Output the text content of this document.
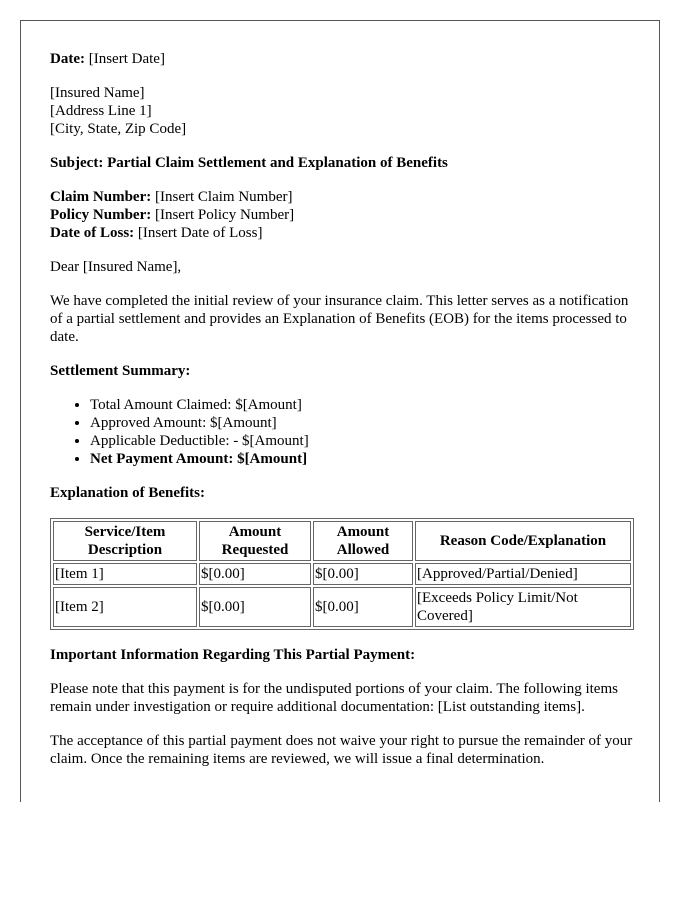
Date: [Insert Date]

[Insured Name]
[Address Line 1]
[City, State, Zip Code]

Subject: Partial Claim Settlement and Explanation of Benefits

Claim Number: [Insert Claim Number]
Policy Number: [Insert Policy Number]
Date of Loss: [Insert Date of Loss]

Dear [Insured Name],

We have completed the initial review of your insurance claim. This letter serves as a notification of a partial settlement and provides an Explanation of Benefits (EOB) for the items processed to date.

Settlement Summary:

• Total Amount Claimed: $[Amount]
• Approved Amount: $[Amount]
• Applicable Deductible: - $[Amount]
• Net Payment Amount: $[Amount]

Explanation of Benefits:

Service/Item Description	Amount Requested	Amount Allowed	Reason Code/Explanation
[Item 1]	$[0.00]	$[0.00]	[Approved/Partial/Denied]
[Item 2]	$[0.00]	$[0.00]	[Exceeds Policy Limit/Not Covered]

Important Information Regarding This Partial Payment:

Please note that this payment is for the undisputed portions of your claim. The following items remain under investigation or require additional documentation: [List outstanding items].

The acceptance of this partial payment does not waive your right to pursue the remainder of your claim. Once the remaining items are reviewed, we will issue a final determination.
